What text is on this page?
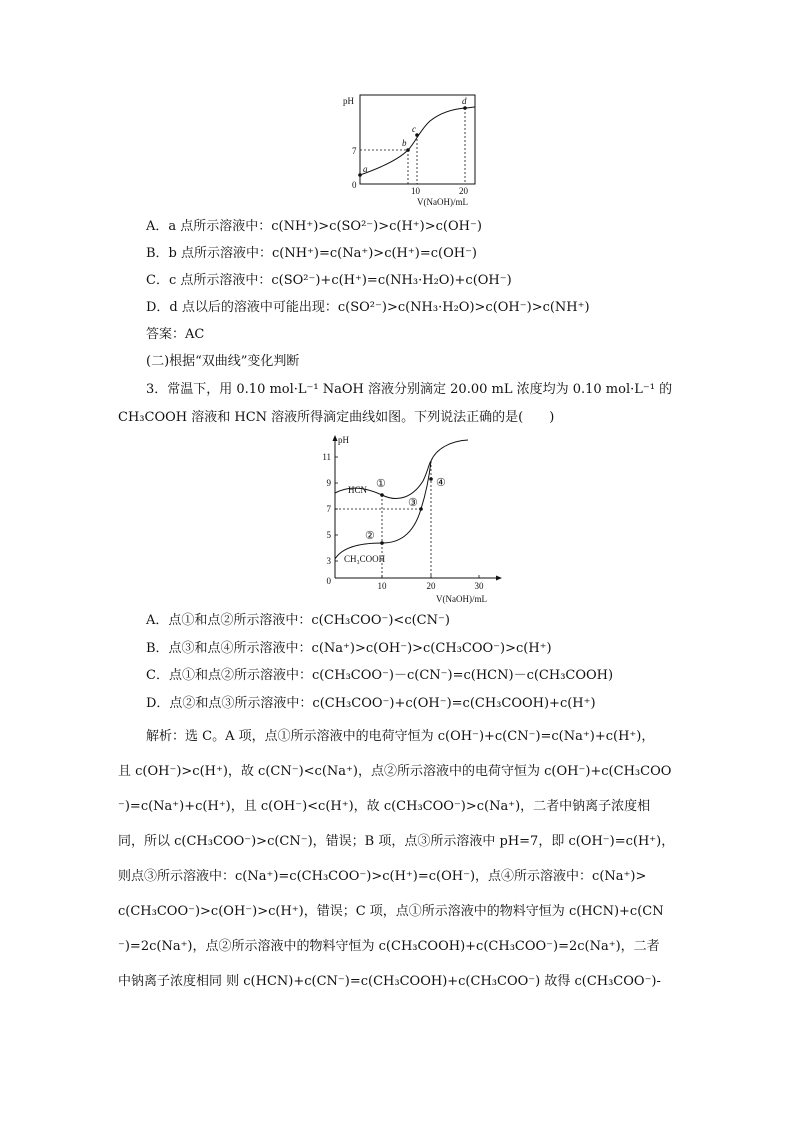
pH
V(NaOH)/mL
7
0
10	20
a
b
c
d
A．a 点所示溶液中：c(NH⁺)>c(SO²⁻)>c(H⁺)>c(OH⁻)
B．b 点所示溶液中：c(NH⁺)=c(Na⁺)>c(H⁺)=c(OH⁻)
C．c 点所示溶液中：c(SO²⁻)+c(H⁺)=c(NH₃·H₂O)+c(OH⁻)
D．d 点以后的溶液中可能出现：c(SO²⁻)>c(NH₃·H₂O)>c(OH⁻)>c(NH⁺)
答案：AC
(二)根据“双曲线”变化判断
3．常温下，用 0.10 mol·L⁻¹ NaOH 溶液分别滴定 20.00 mL 浓度均为 0.10 mol·L⁻¹ 的
CH₃COOH 溶液和 HCN 溶液所得滴定曲线如图。下列说法正确的是(　　)
pH
V(NaOH)/mL
11
9
7
5
3
0	10	20	30
HCN
CH₃COOH
①
②
③
④
A．点①和点②所示溶液中：c(CH₃COO⁻)<c(CN⁻)
B．点③和点④所示溶液中：c(Na⁺)>c(OH⁻)>c(CH₃COO⁻)>c(H⁺)
C．点①和点②所示溶液中：c(CH₃COO⁻)－c(CN⁻)=c(HCN)－c(CH₃COOH)
D．点②和点③所示溶液中：c(CH₃COO⁻)+c(OH⁻)=c(CH₃COOH)+c(H⁺)
解析：选 C。A 项，点①所示溶液中的电荷守恒为 c(OH⁻)+c(CN⁻)=c(Na⁺)+c(H⁺)，
且 c(OH⁻)>c(H⁺)，故 c(CN⁻)<c(Na⁺)，点②所示溶液中的电荷守恒为 c(OH⁻)+c(CH₃COO
⁻)=c(Na⁺)+c(H⁺)，且 c(OH⁻)<c(H⁺)，故 c(CH₃COO⁻)>c(Na⁺)，二者中钠离子浓度相
同，所以 c(CH₃COO⁻)>c(CN⁻)，错误；B 项，点③所示溶液中 pH=7，即 c(OH⁻)=c(H⁺)，
则点③所示溶液中：c(Na⁺)=c(CH₃COO⁻)>c(H⁺)=c(OH⁻)，点④所示溶液中：c(Na⁺)>
c(CH₃COO⁻)>c(OH⁻)>c(H⁺)，错误；C 项，点①所示溶液中的物料守恒为 c(HCN)+c(CN
⁻)=2c(Na⁺)，点②所示溶液中的物料守恒为 c(CH₃COOH)+c(CH₃COO⁻)=2c(Na⁺)，二者
中钠离子浓度相同 则 c(HCN)+c(CN⁻)=c(CH₃COOH)+c(CH₃COO⁻) 故得 c(CH₃COO⁻)-
